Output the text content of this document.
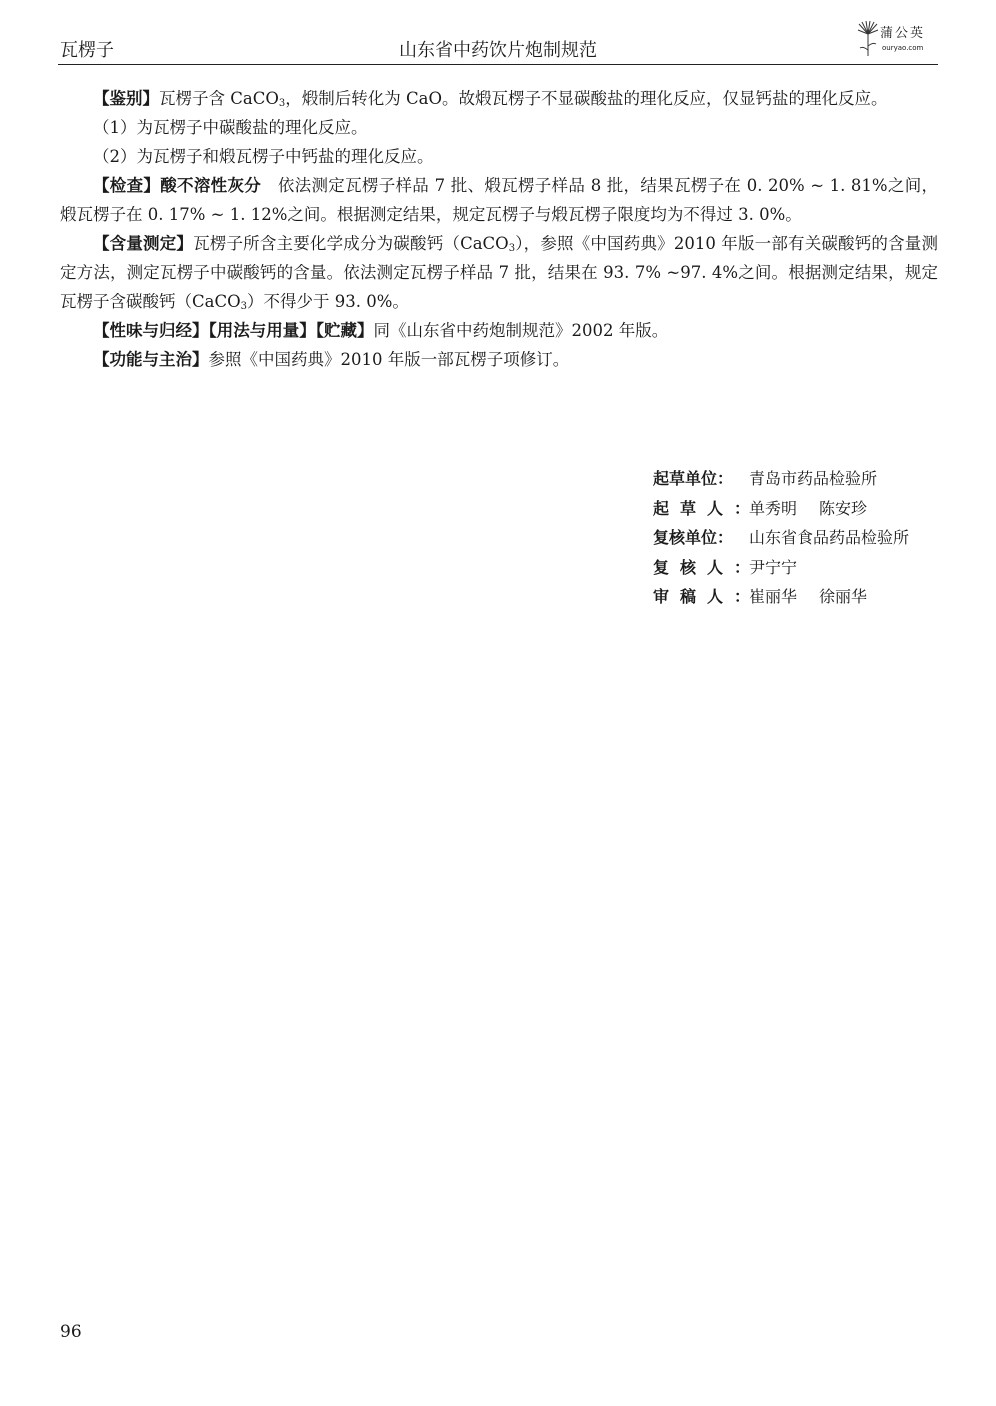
瓦楞子	山东省中药饮片炮制规范
蒲公英
ouryao.com

【鉴别】瓦楞子含 CaCO$_3$，煅制后转化为 CaO。故煅瓦楞子不显碳酸盐的理化反应，仅显钙盐的理化反应。

（1）为瓦楞子中碳酸盐的理化反应。

（2）为瓦楞子和煅瓦楞子中钙盐的理化反应。

【检查】酸不溶性灰分　依法测定瓦楞子样品 7 批、煅瓦楞子样品 8 批，结果瓦楞子在 0. 20% ~ 1. 81%之间，煅瓦楞子在 0. 17% ~ 1. 12%之间。根据测定结果，规定瓦楞子与煅瓦楞子限度均为不得过 3. 0%。

【含量测定】瓦楞子所含主要化学成分为碳酸钙（CaCO$_3$），参照《中国药典》2010 年版一部有关碳酸钙的含量测定方法，测定瓦楞子中碳酸钙的含量。依法测定瓦楞子样品 7 批，结果在 93. 7% ~97. 4%之间。根据测定结果，规定瓦楞子含碳酸钙（CaCO$_3$）不得少于 93. 0%。

【性味与归经】【用法与用量】【贮藏】同《山东省中药炮制规范》2002 年版。

【功能与主治】参照《中国药典》2010 年版一部瓦楞子项修订。

起草单位： 青岛市药品检验所
起草人：单秀明 陈安珍
复核单位： 山东省食品药品检验所
复核人：尹宁宁
审稿人：崔丽华 徐丽华
96
